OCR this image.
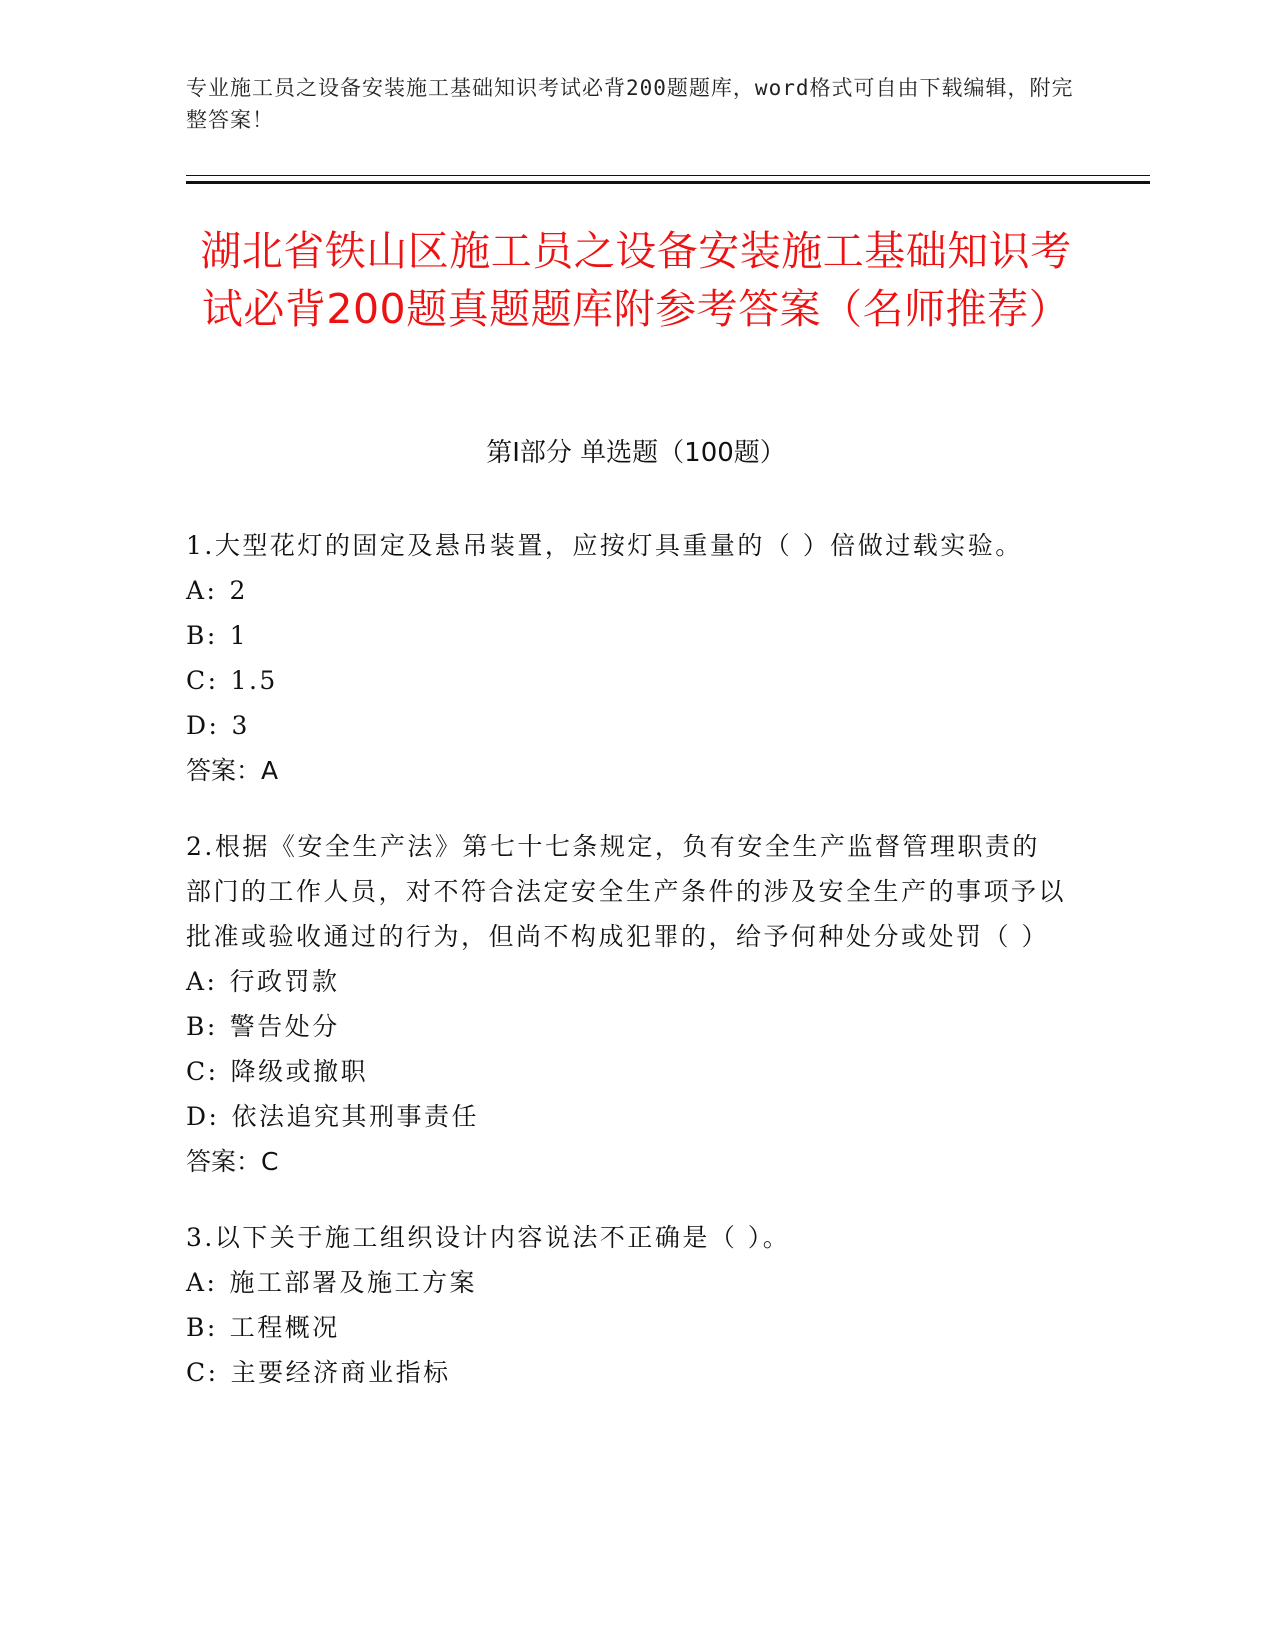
专业施工员之设备安装施工基础知识考试必背200题题库，word格式可自由下载编辑，附完整答案！
湖北省铁山区施工员之设备安装施工基础知识考试必背200题真题题库附参考答案（名师推荐）
第I部分 单选题（100题）

1.大型花灯的固定及悬吊装置，应按灯具重量的（ ）倍做过载实验。

A: 2

B: 1

C: 1.5

D: 3

答案：A

2.根据《安全生产法》第七十七条规定，负有安全生产监督管理职责的部门的工作人员，对不符合法定安全生产条件的涉及安全生产的事项予以批准或验收通过的行为，但尚不构成犯罪的，给予何种处分或处罚（ ）

A: 行政罚款

B: 警告处分

C: 降级或撤职

D: 依法追究其刑事责任

答案：C

3.以下关于施工组织设计内容说法不正确是（ ）。

A: 施工部署及施工方案

B: 工程概况

C: 主要经济商业指标
